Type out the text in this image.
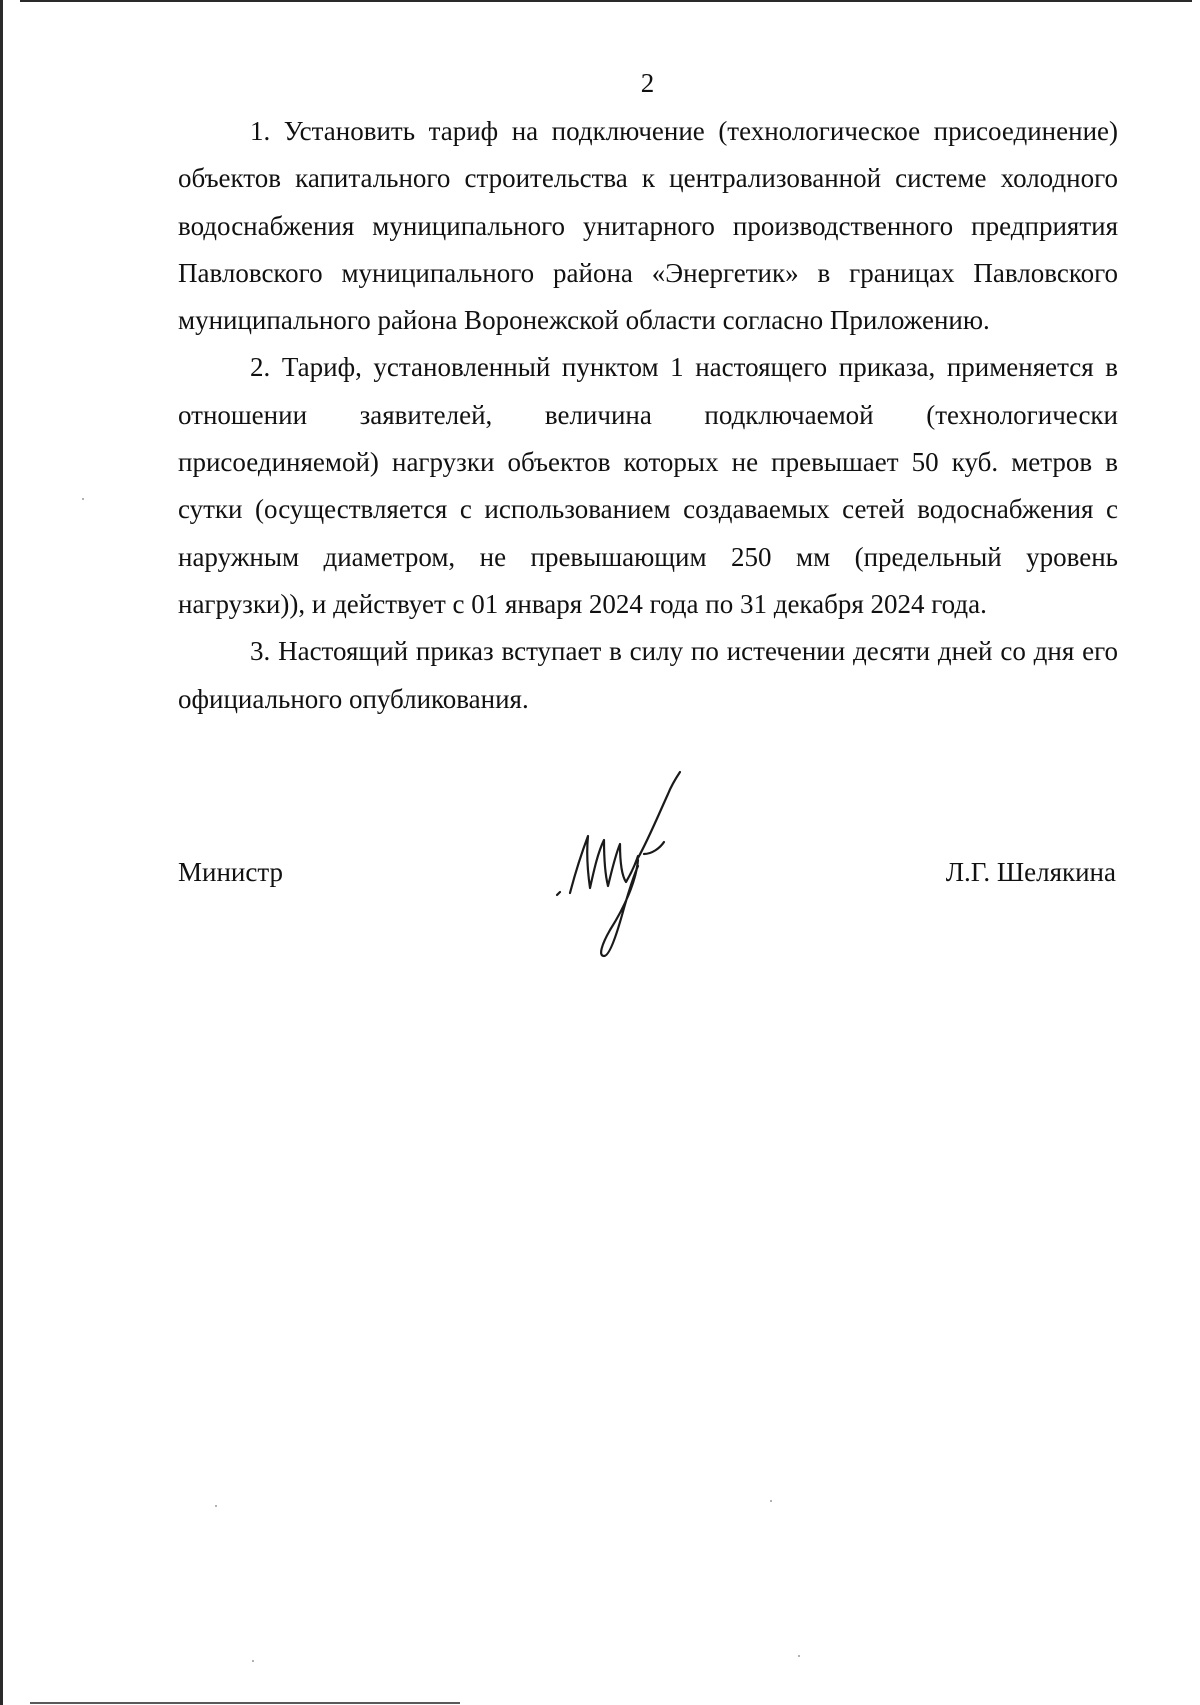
2

1. Установить тариф на подключение (технологическое присоединение) объектов капитального строительства к централизованной системе холодного водоснабжения муниципального унитарного производственного предприятия Павловского муниципального района «Энергетик» в границах Павловского муниципального района Воронежской области согласно Приложению.

2. Тариф, установленный пунктом 1 настоящего приказа, применяется в отношении заявителей, величина подключаемой (технологически присоединяемой) нагрузки объектов которых не превышает 50 куб. метров в сутки (осуществляется с использованием создаваемых сетей водоснабжения с наружным диаметром, не превышающим 250 мм (предельный уровень нагрузки)), и действует с 01 января 2024 года по 31 декабря 2024 года.

3. Настоящий приказ вступает в силу по истечении десяти дней со дня его официального опубликования.

Министр	Л.Г. Шелякина
